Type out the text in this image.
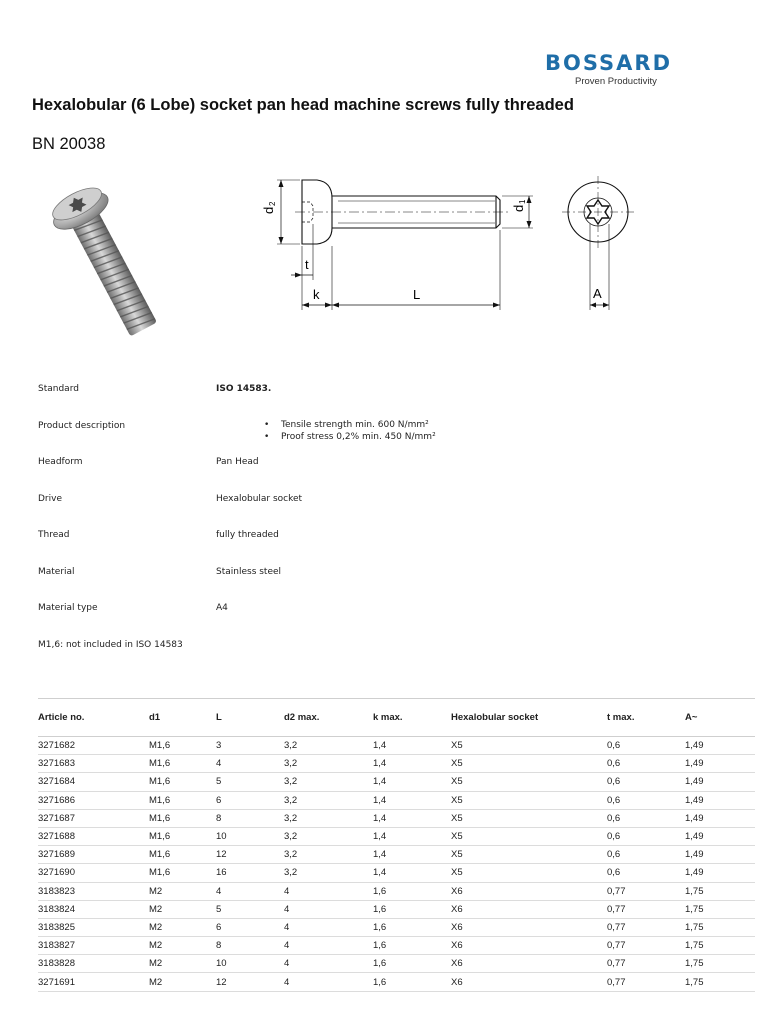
BOSSARD
Proven Productivity
Hexalobular (6 Lobe) socket pan head machine screws fully threaded
BN 20038
d
2
d
1
t
k	L	A
Standard	ISO 14583.
Product description	• Tensile strength min. 600 N/mm²
• Proof stress 0,2% min. 450 N/mm²
Headform	Pan Head
Drive	Hexalobular socket
Thread	fully threaded
Material	Stainless steel
Material type	A4
M1,6: not included in ISO 14583
Article no.	d1	L	d2 max.	k max.	Hexalobular socket	t max.	A~
3271682	M1,6	3	3,2	1,4	X5	0,6	1,49
3271683	M1,6	4	3,2	1,4	X5	0,6	1,49
3271684	M1,6	5	3,2	1,4	X5	0,6	1,49
3271686	M1,6	6	3,2	1,4	X5	0,6	1,49
3271687	M1,6	8	3,2	1,4	X5	0,6	1,49
3271688	M1,6	10	3,2	1,4	X5	0,6	1,49
3271689	M1,6	12	3,2	1,4	X5	0,6	1,49
3271690	M1,6	16	3,2	1,4	X5	0,6	1,49
3183823	M2	4	4	1,6	X6	0,77	1,75
3183824	M2	5	4	1,6	X6	0,77	1,75
3183825	M2	6	4	1,6	X6	0,77	1,75
3183827	M2	8	4	1,6	X6	0,77	1,75
3183828	M2	10	4	1,6	X6	0,77	1,75
3271691	M2	12	4	1,6	X6	0,77	1,75
